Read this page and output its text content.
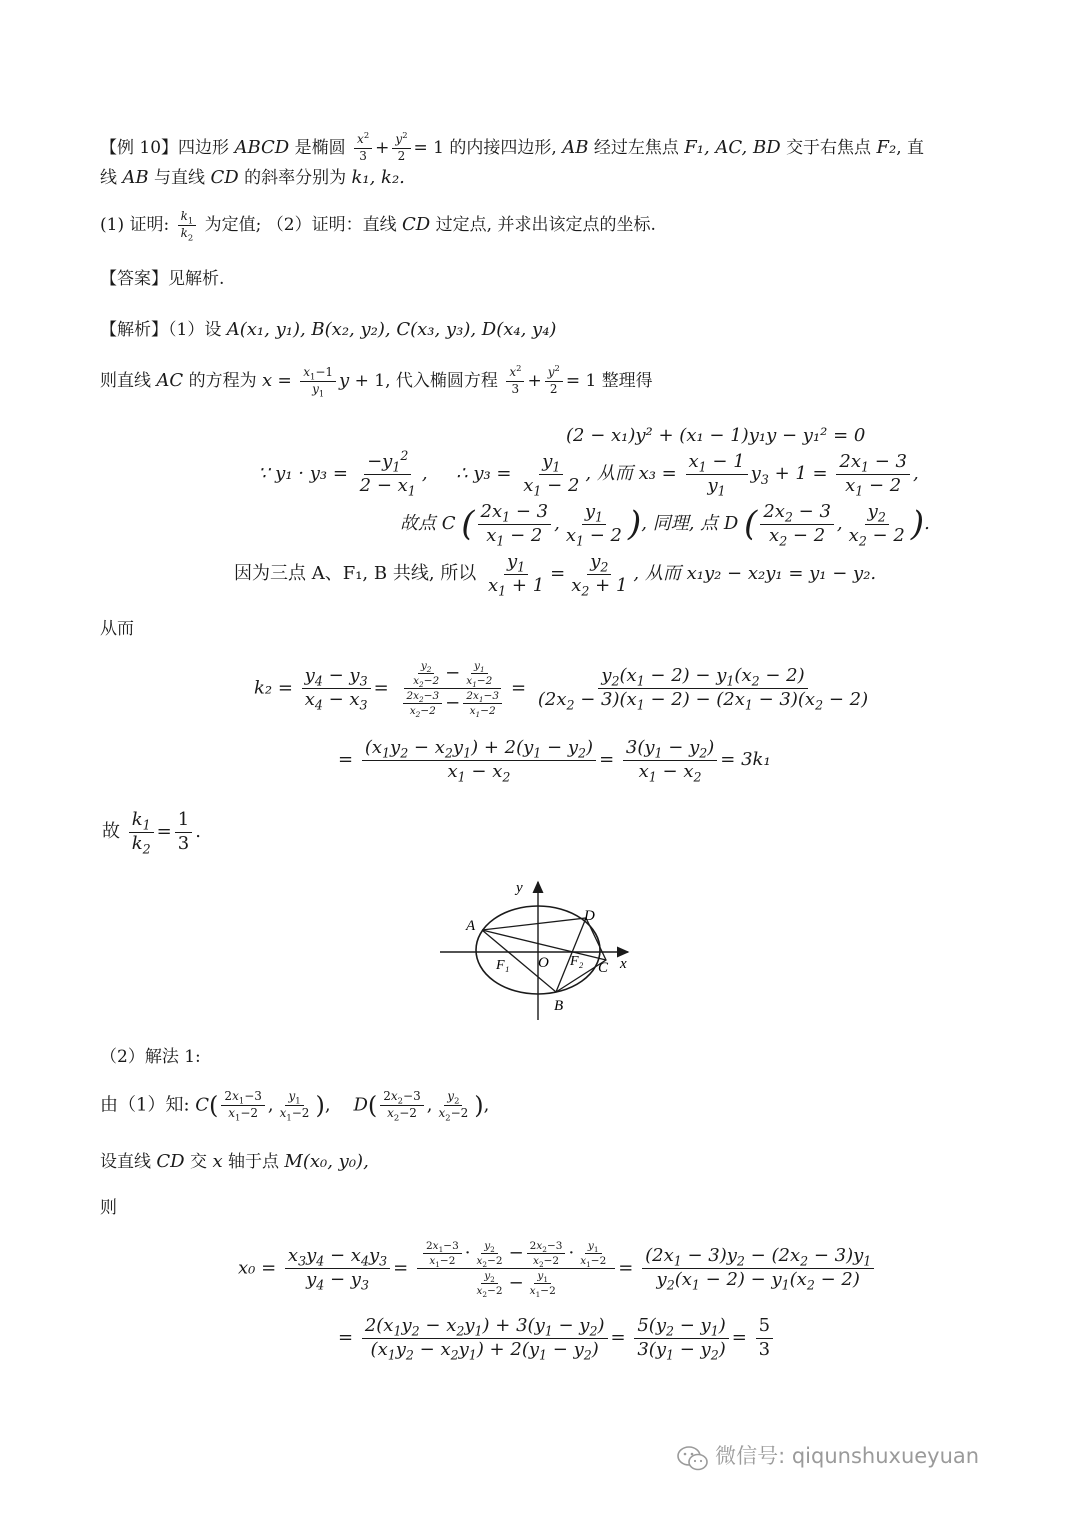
【例 10】四边形 ABCD 是椭圆 $\frac{x^2}{3} + \frac{y^2}{2} = 1$ 的内接四边形, AB 经过左焦点 F₁, AC, BD 交于右焦点 F₂, 直
线 AB 与直线 CD 的斜率分别为 k₁, k₂.
(1) 证明: $\frac{k_1}{k_2}$ 为定值; （2）证明：直线 CD 过定点, 并求出该定点的坐标.
【答案】见解析.
【解析】（1）设 A(x₁, y₁), B(x₂, y₂), C(x₃, y₃), D(x₄, y₄)
则直线 AC 的方程为 $x = \frac{x_1-1}{y_1}$ y + 1, 代入椭圆方程 $\frac{x^2}{3} + \frac{y^2}{2} = 1$ 整理得
(2 − x₁)y² + (x₁ − 1)y₁y − y₁² = 0
∵ $y_1 \cdot y_3 = \frac{-y_1^2}{2 - x_1}$ ,     ∴ $y_3 = \frac{y_1}{x_1 - 2}$ , 从而 $x_3 = \frac{x_1 - 1}{y_1} y_3 + 1 = \frac{2x_1 - 3}{x_1 - 2}$ ,
故点 C ( $\frac{2x_1 - 3}{x_1 - 2}$ , $\frac{y_1}{x_1 - 2}$ ), 同理, 点 D ( $\frac{2x_2 - 3}{x_2 - 2}$ , $\frac{y_2}{x_2 - 2}$ ).
因为三点 A、F₁, B 共线, 所以 $\frac{y_1}{x_1 + 1} = \frac{y_2}{x_2 + 1}$ , 从而 x₁y₂ − x₂y₁ = y₁ − y₂.
从而
$k_2 = \frac{y_4 - y_3}{x_4 - x_3} = \frac{\frac{y_2}{x_2-2} - \frac{y_1}{x_1-2}}{\frac{2x_2-3}{x_2-2} - \frac{2x_1-3}{x_1-2}} = \frac{y_2(x_1 - 2) - y_1(x_2 - 2)}{(2x_2 - 3)(x_1 - 2) - (2x_1 - 3)(x_2 - 2)}$
= $\frac{(x_1y_2 - x_2y_1) + 2(y_1 - y_2)}{x_1 - x_2} = \frac{3(y_1 - y_2)}{x_1 - x_2} = 3k_1$
故 $\frac{k_1}{k_2} = \frac{1}{3}$ .
y
x
A
B
C
D
O
F₁	F₂
（2）解法 1:
由（1）知: $C( \frac{2x_1-3}{x_1-2}$ , $\frac{y_1}{x_1-2}$ ),    $D( \frac{2x_2-3}{x_2-2}$ , $\frac{y_2}{x_2-2}$ ),
设直线 CD 交 x 轴于点 M(x₀, y₀),
则
$x_0 = \frac{x_3y_4 - x_4y_3}{y_4 - y_3} = \frac{\frac{2x_1-3}{x_1-2} \cdot \frac{y_2}{x_2-2} - \frac{2x_2-3}{x_2-2} \cdot \frac{y_1}{x_1-2}}{\frac{y_2}{x_2-2} - \frac{y_1}{x_1-2}} = \frac{(2x_1 - 3)y_2 - (2x_2 - 3)y_1}{y_2(x_1 - 2) - y_1(x_2 - 2)}$
= $\frac{2(x_1y_2 - x_2y_1) + 3(y_1 - y_2)}{(x_1y_2 - x_2y_1) + 2(y_1 - y_2)} = \frac{5(y_2 - y_1)}{3(y_1 - y_2)} = \frac{5}{3}$
微信号: qiqunshuxueyuan
